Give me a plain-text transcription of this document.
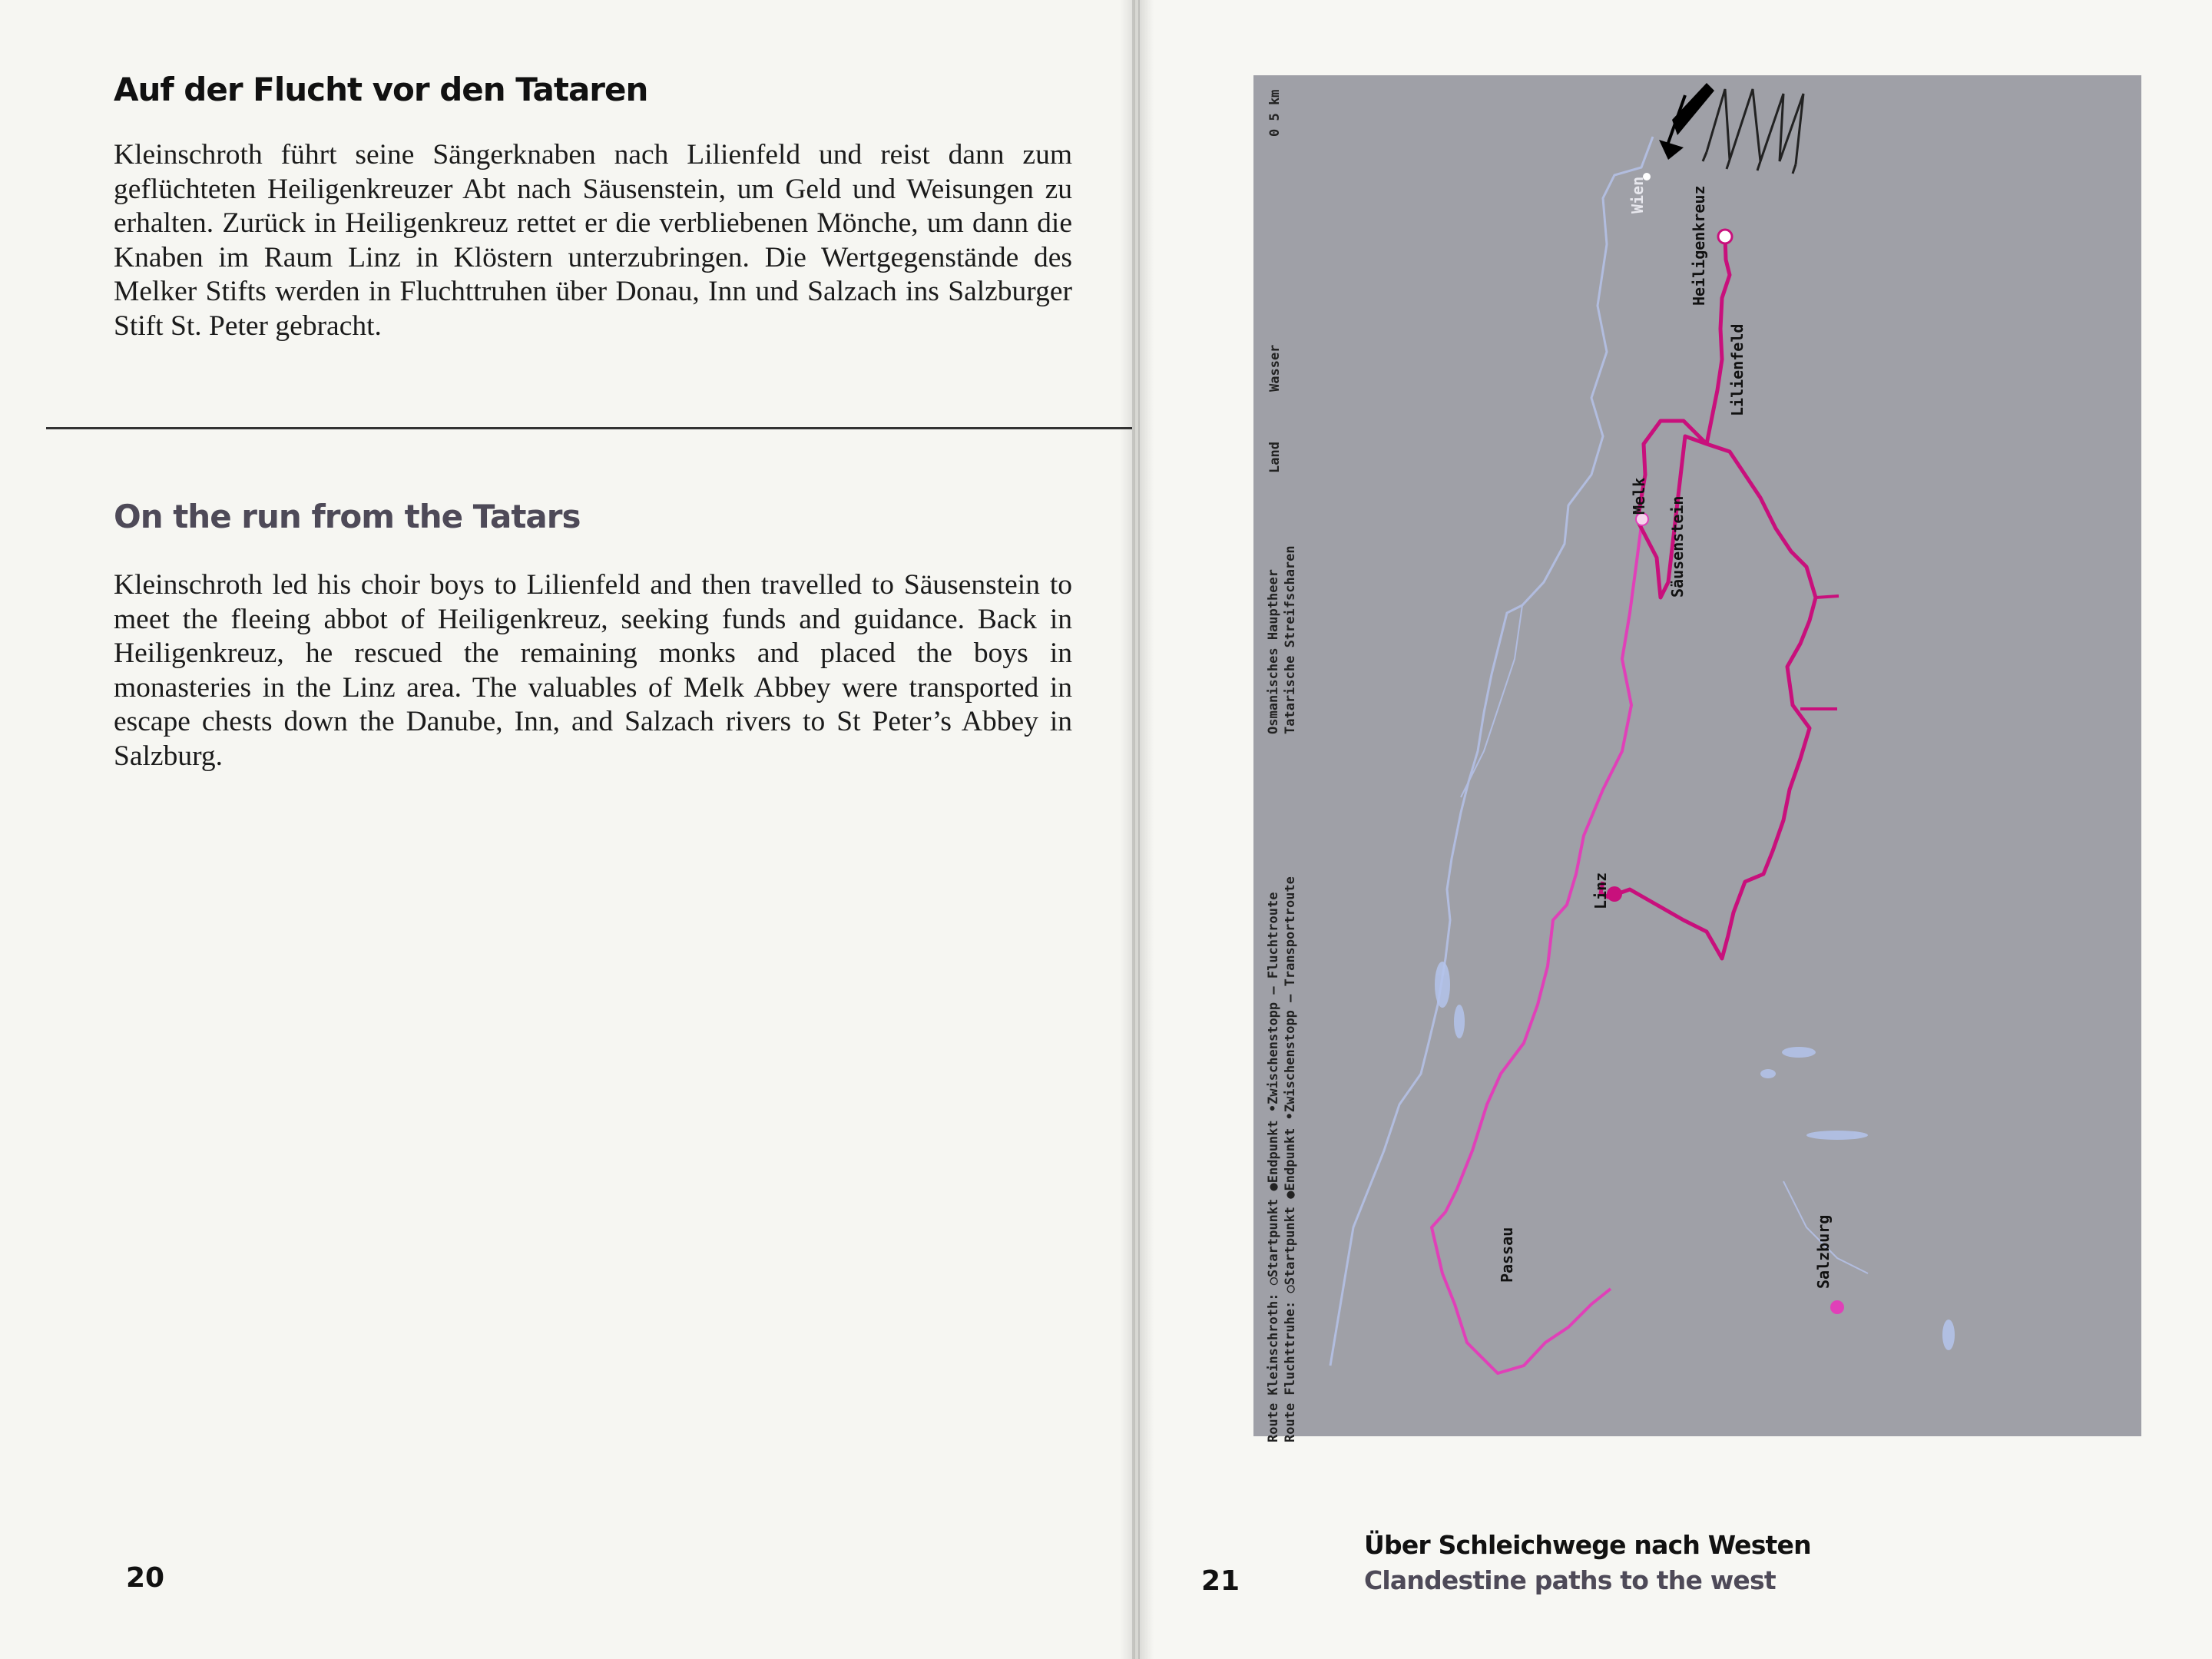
Auf der Flucht vor den Tataren
Kleinschroth führt seine Sängerknaben nach Lilienfeld und reist dann zum geflüchteten Heiligenkreuzer Abt nach Säusenstein, um Geld und Weisungen zu erhalten. Zurück in Heiligenkreuz rettet er die verbliebenen Mönche, um dann die Knaben im Raum Linz in Klöstern unterzubringen. Die Wertgegenstände des Melker Stifts werden in Fluchttruhen über Donau, Inn und Salzach ins Salzburger Stift St. Peter gebracht.
On the run from the Tatars
Kleinschroth led his choir boys to Lilienfeld and then travelled to Säusenstein to meet the fleeing abbot of Heiligenkreuz, seeking funds and guidance. Back in Heiligenkreuz, he rescued the remaining monks and placed the boys in monasteries in the Linz area. The valuables of Melk Abbey were transported in escape chests down the Danube, Inn, and Salzach rivers to St Peter’s Abbey in Salzburg.
20
Route Kleinschroth: ○Startpunkt ●Endpunkt •Zwischenstopp — Fluchtroute Route Fluchttruhe: ○Startpunkt ●Endpunkt •Zwischenstopp — Transportroute
Osmanisches Hauptheer Tatarische Streifscharen
Land
Wasser
0 5 km
Wien	Heiligenkreuz
Lilienfeld
Melk Säusenstein
Linz
Passau	Salzburg
Über Schleichwege nach Westen
Clandestine paths to the west
21
